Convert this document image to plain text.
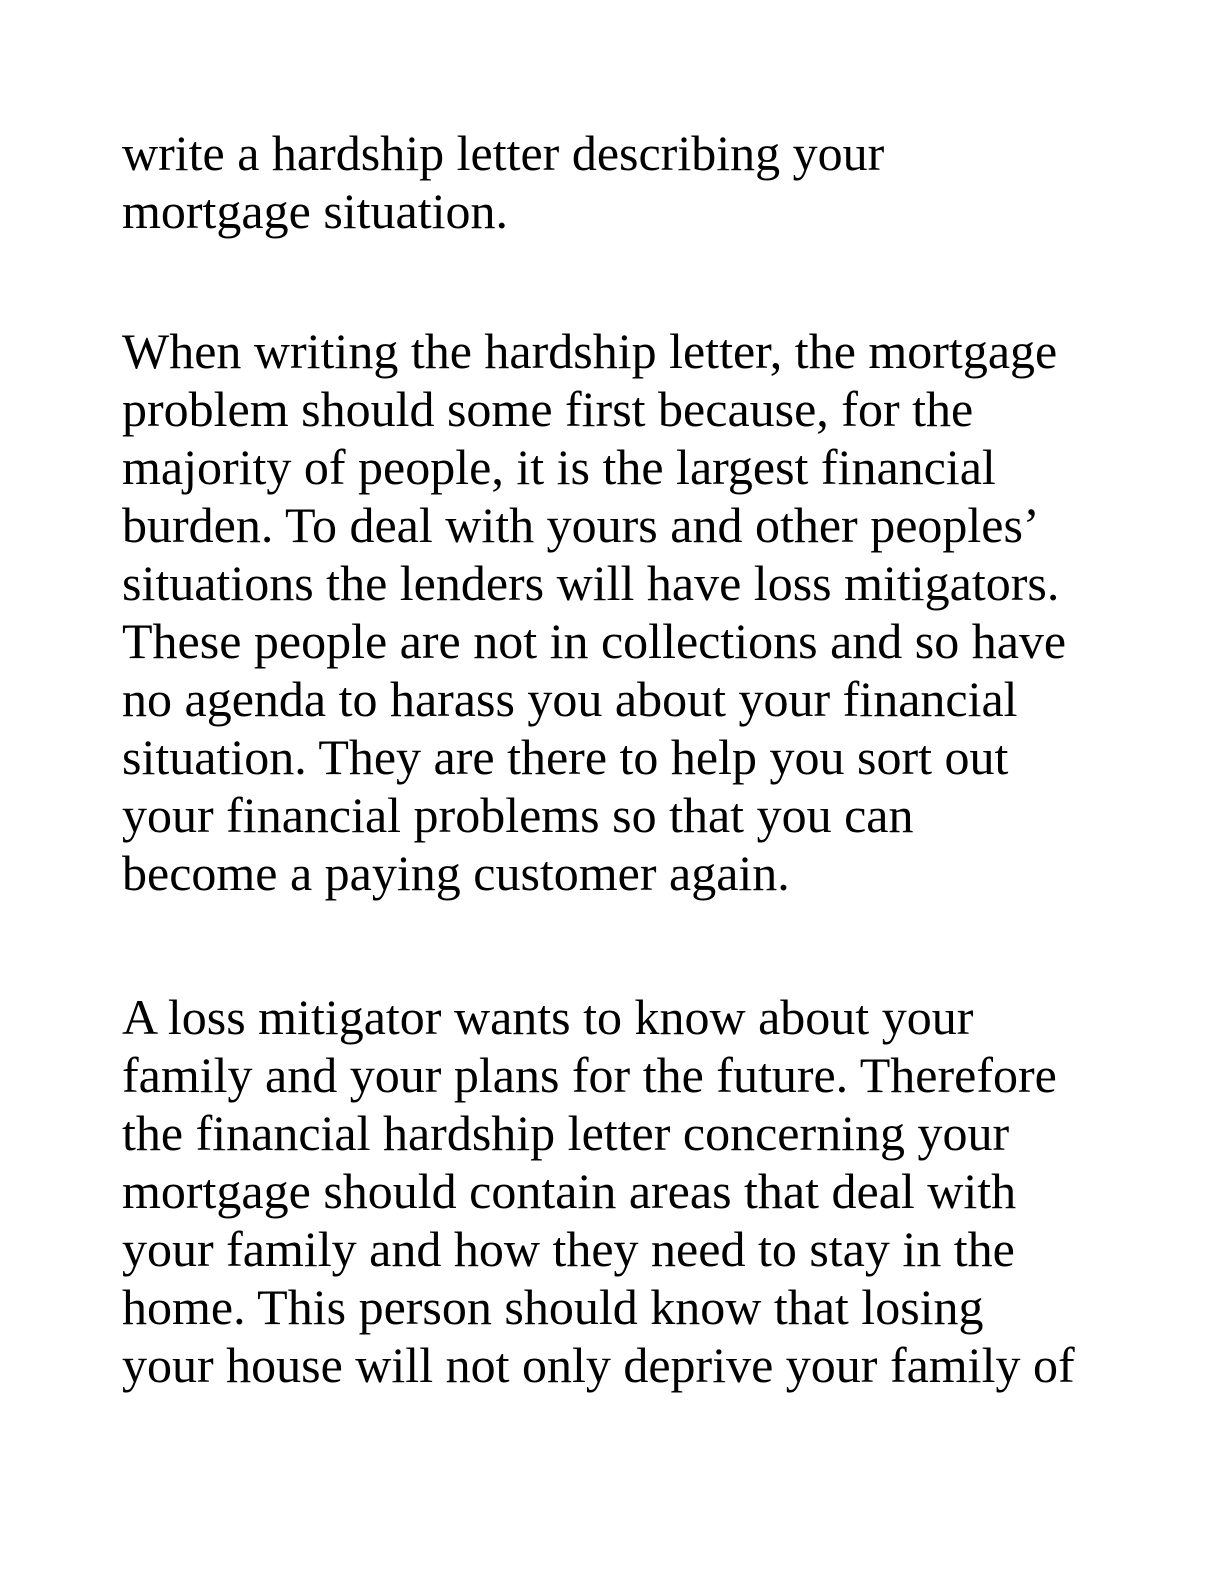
write a hardship letter describing your
mortgage situation.
When writing the hardship letter, the mortgage
problem should some first because, for the
majority of people, it is the largest financial
burden. To deal with yours and other peoples’
situations the lenders will have loss mitigators.
These people are not in collections and so have
no agenda to harass you about your financial
situation. They are there to help you sort out
your financial problems so that you can
become a paying customer again.
A loss mitigator wants to know about your
family and your plans for the future. Therefore
the financial hardship letter concerning your
mortgage should contain areas that deal with
your family and how they need to stay in the
home. This person should know that losing
your house will not only deprive your family of
